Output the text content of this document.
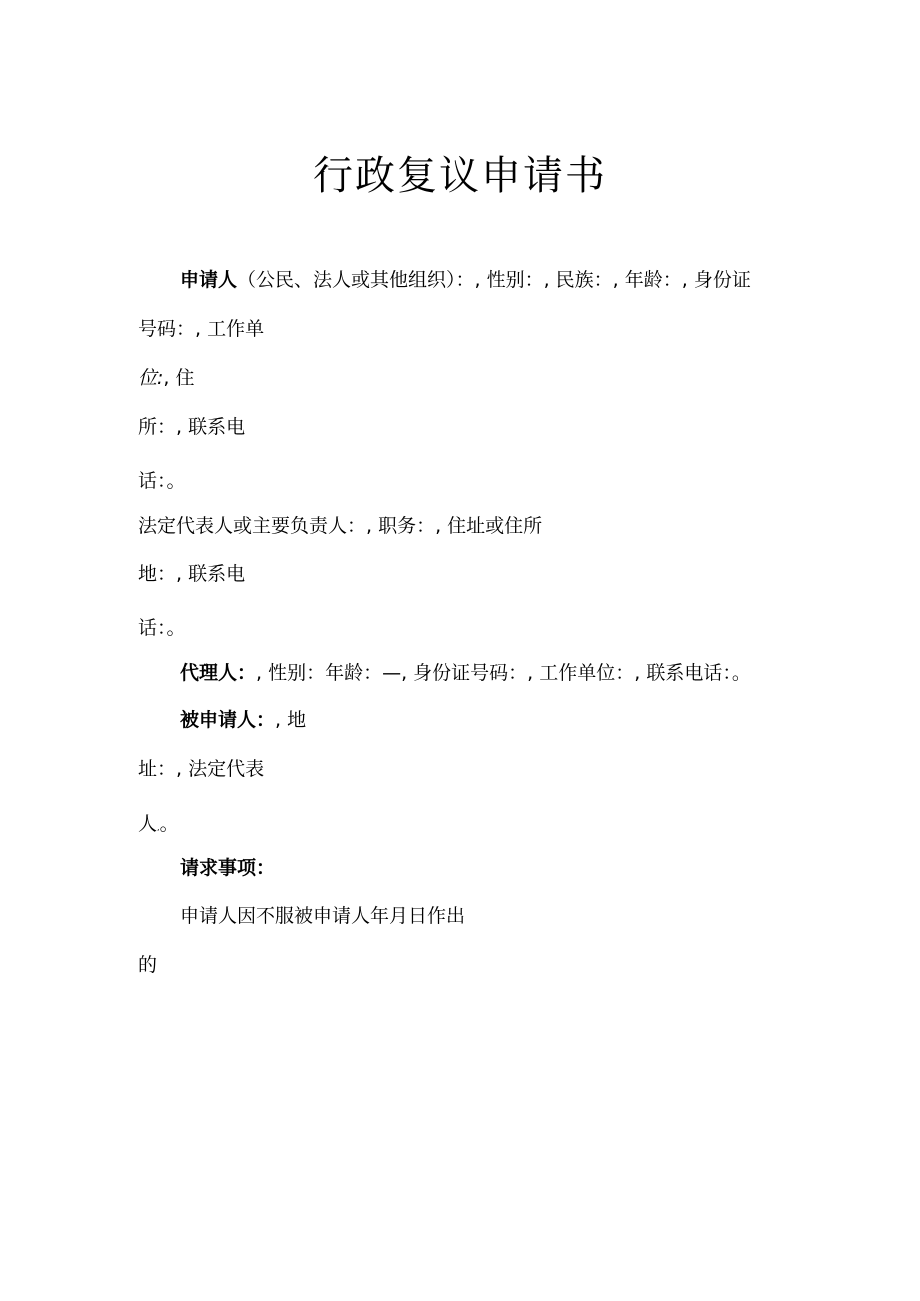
行政复议申请书
申请人（公民、法人或其他组织）：, 性别：, 民族：, 年龄：, 身份证
号码：, 工作单
位:, 住
所：, 联系电
话：。
法定代表人或主要负责人：, 职务：, 住址或住所
地：, 联系电
话：。
代理人：, 性别：年龄：—, 身份证号码：, 工作单位：, 联系电话：。
被申请人：, 地
址：, 法定代表
人,。
请求事项：
申请人因不服被申请人年月日作出
的
